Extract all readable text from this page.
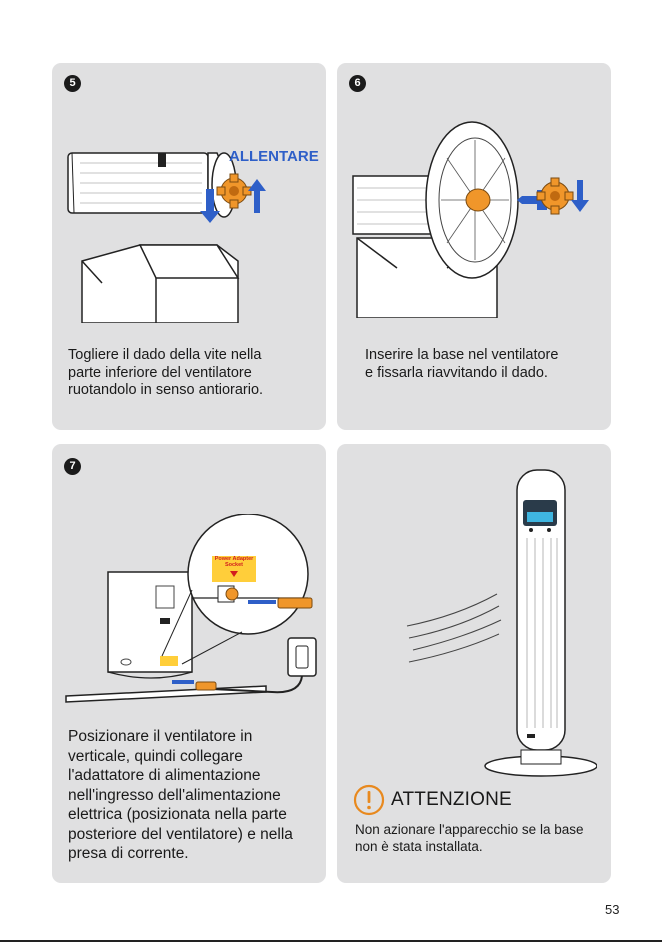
5
ALLENTARE
Togliere il dado della vite nella
parte inferiore del ventilatore
ruotandolo in senso antiorario.
6
Inserire la base nel ventilatore
e fissarla riavvitando il dado.
7
Power Adapter
Socket
Posizionare il ventilatore in
verticale, quindi collegare
l'adattatore di alimentazione
nell'ingresso dell'alimentazione
elettrica (posizionata nella parte
posteriore del ventilatore) e nella
presa di corrente.
ATTENZIONE
Non azionare l'apparecchio se la base
non è stata installata.
53
